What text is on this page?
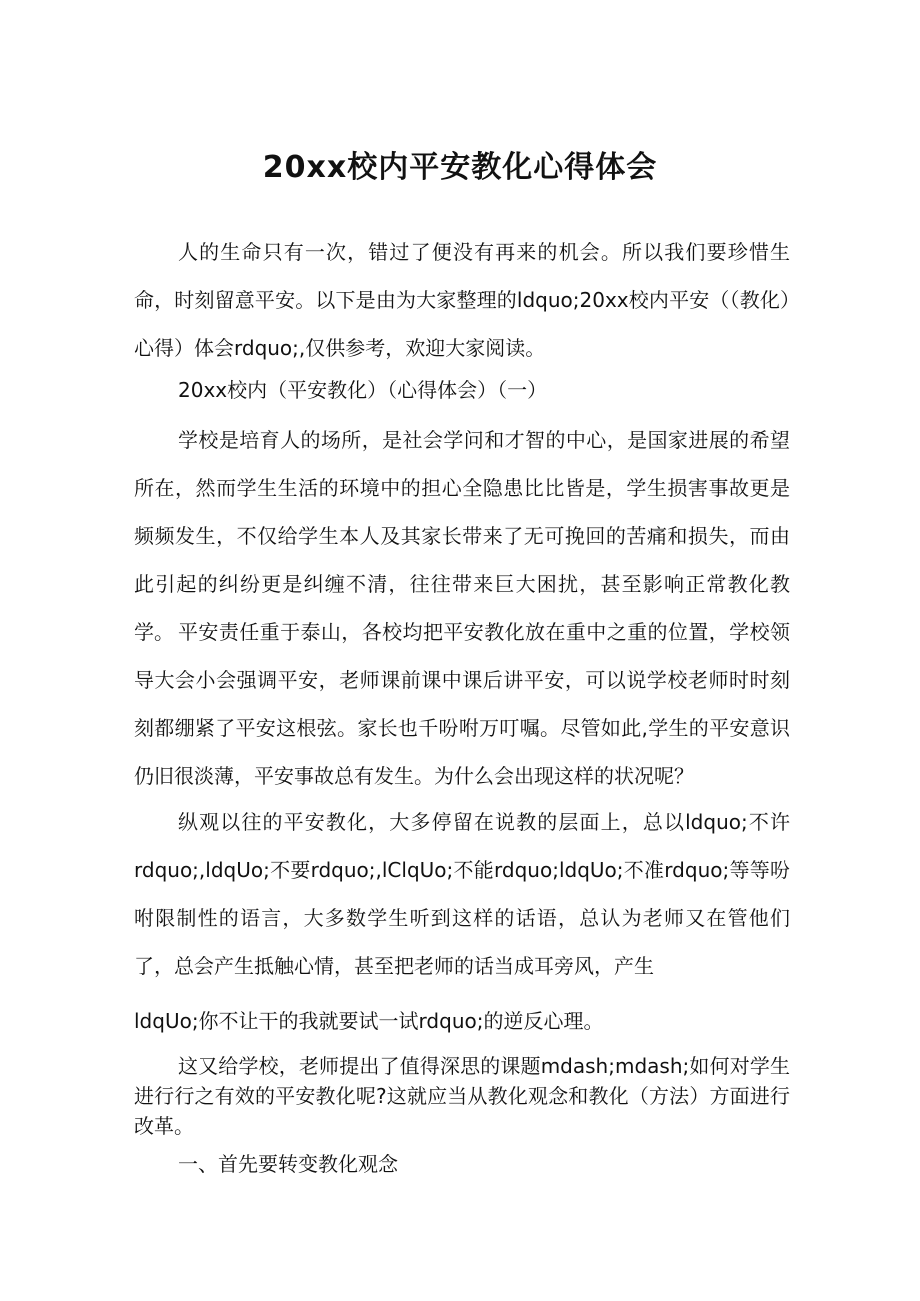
20xx校内平安教化心得体会
人的生命只有一次，错过了便没有再来的机会。所以我们要珍惜生命，时刻留意平安。以下是由为大家整理的ldquo;20xx校内平安（（教化）心得）体会rdquo;,仅供参考，欢迎大家阅读。
20xx校内（平安教化）（心得体会）（一）
学校是培育人的场所，是社会学问和才智的中心，是国家进展的希望所在，然而学生生活的环境中的担心全隐患比比皆是，学生损害事故更是频频发生，不仅给学生本人及其家长带来了无可挽回的苦痛和损失，而由此引起的纠纷更是纠缠不清，往往带来巨大困扰，甚至影响正常教化教学。 平安责任重于泰山，各校均把平安教化放在重中之重的位置，学校领导大会小会强调平安，老师课前课中课后讲平安，可以说学校老师时时刻刻都绷紧了平安这根弦。家长也千吩咐万叮嘱。尽管如此,学生的平安意识仍旧很淡薄，平安事故总有发生。为什么会出现这样的状况呢？
纵观以往的平安教化，大多停留在说教的层面上，总以ldquo;不许rdquo;,ldqUo;不要rdquo;,lClqUo;不能rdquo;ldqUo;不准rdquo;等等吩咐限制性的语言，大多数学生听到这样的话语，总认为老师又在管他们了，总会产生抵触心情，甚至把老师的话当成耳旁风，产生
ldqUo;你不让干的我就要试一试rdquo;的逆反心理。
这又给学校，老师提出了值得深思的课题mdash;mdash;如何对学生进行行之有效的平安教化呢?这就应当从教化观念和教化（方法）方面进行改革。
一、首先要转变教化观念
